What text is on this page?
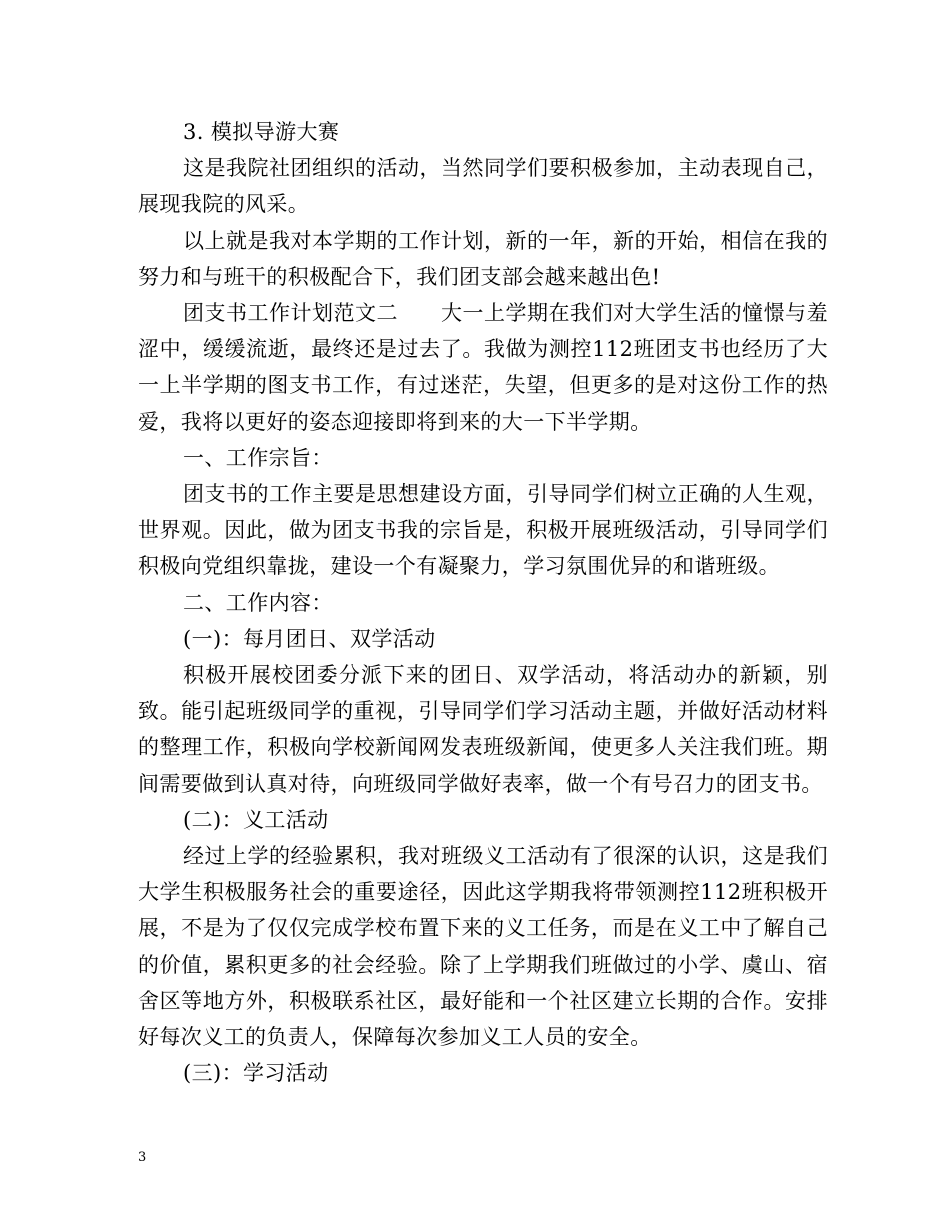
3. 模拟导游大赛

这是我院社团组织的活动，当然同学们要积极参加，主动表现自己，展现我院的风采。

以上就是我对本学期的工作计划，新的一年，新的开始，相信在我的努力和与班干的积极配合下，我们团支部会越来越出色!

团支书工作计划范文二　　大一上学期在我们对大学生活的憧憬与羞涩中，缓缓流逝，最终还是过去了。我做为测控112班团支书也经历了大一上半学期的图支书工作，有过迷茫，失望，但更多的是对这份工作的热爱，我将以更好的姿态迎接即将到来的大一下半学期。

一、工作宗旨：

团支书的工作主要是思想建设方面，引导同学们树立正确的人生观，世界观。因此，做为团支书我的宗旨是，积极开展班级活动，引导同学们积极向党组织靠拢，建设一个有凝聚力，学习氛围优异的和谐班级。

二、工作内容：

(一)：每月团日、双学活动

积极开展校团委分派下来的团日、双学活动，将活动办的新颖，别致。能引起班级同学的重视，引导同学们学习活动主题，并做好活动材料的整理工作，积极向学校新闻网发表班级新闻，使更多人关注我们班。期间需要做到认真对待，向班级同学做好表率，做一个有号召力的团支书。

(二)：义工活动

经过上学的经验累积，我对班级义工活动有了很深的认识，这是我们大学生积极服务社会的重要途径，因此这学期我将带领测控112班积极开展，不是为了仅仅完成学校布置下来的义工任务，而是在义工中了解自己的价值，累积更多的社会经验。除了上学期我们班做过的小学、虞山、宿舍区等地方外，积极联系社区，最好能和一个社区建立长期的合作。安排好每次义工的负责人，保障每次参加义工人员的安全。

(三)：学习活动

3
